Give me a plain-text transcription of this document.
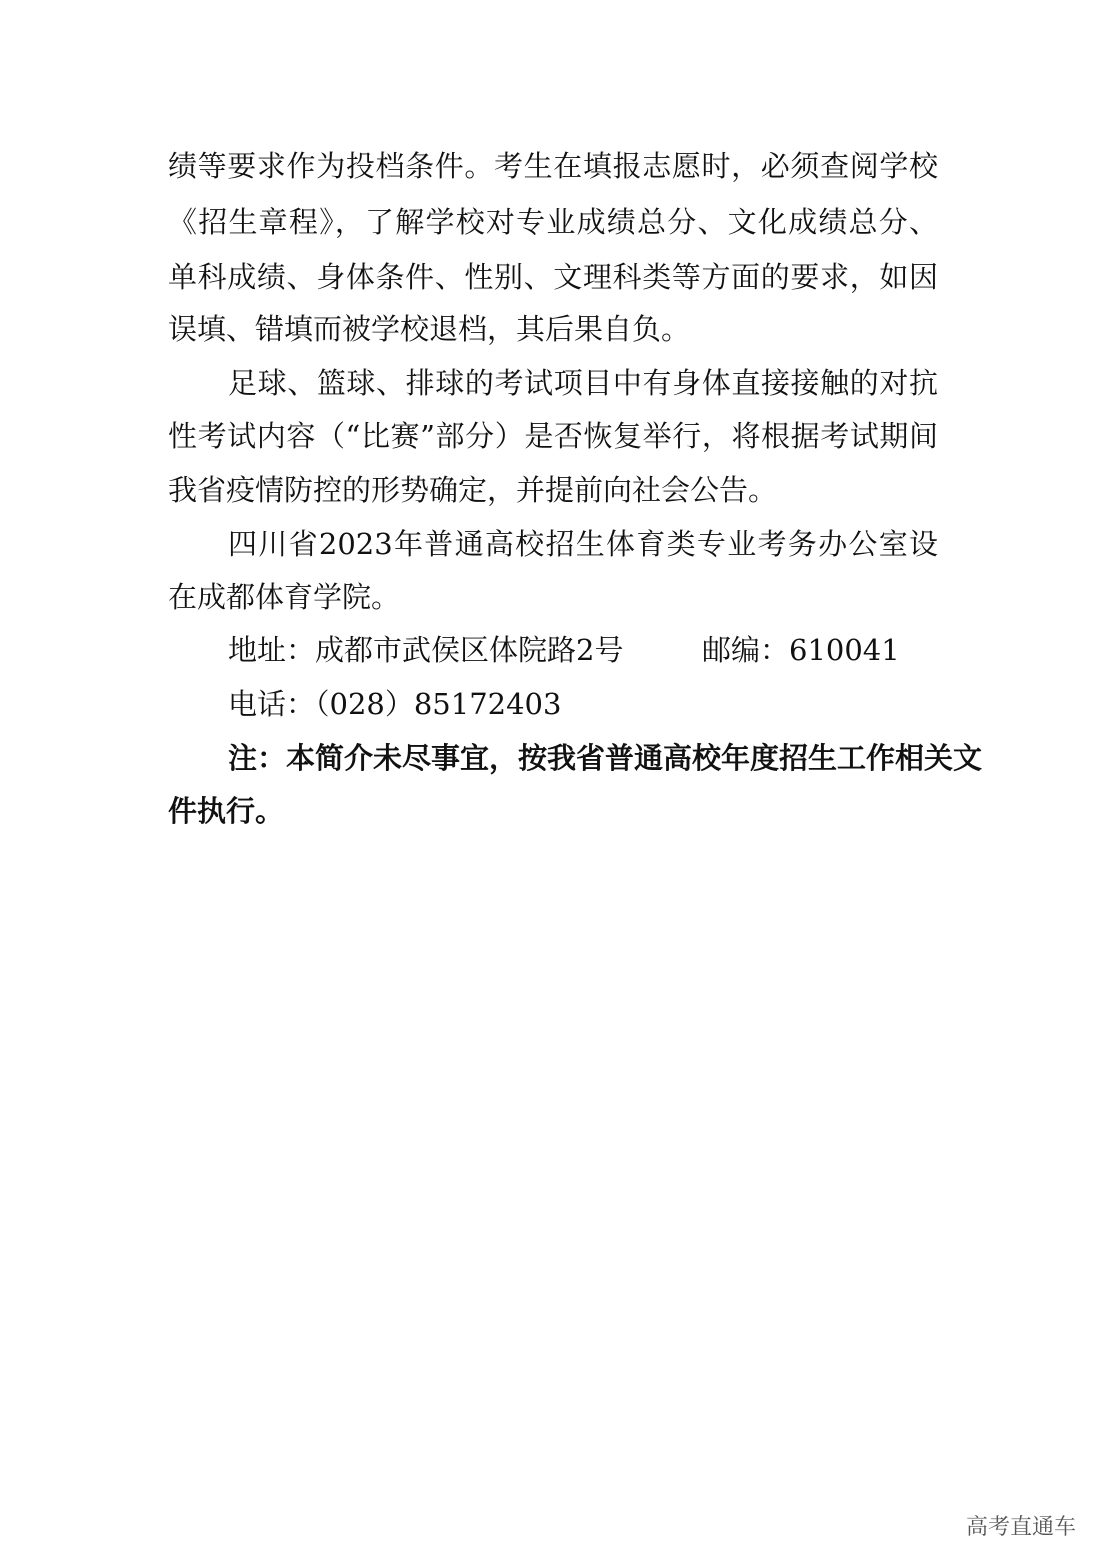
绩等要求作为投档条件。考生在填报志愿时，必须查阅学校
《招生章程》，了解学校对专业成绩总分、文化成绩总分、
单科成绩、身体条件、性别、文理科类等方面的要求，如因
误填、错填而被学校退档，其后果自负。
足球、篮球、排球的考试项目中有身体直接接触的对抗
性考试内容（“比赛”部分）是否恢复举行，将根据考试期间
我省疫情防控的形势确定，并提前向社会公告。
四川省2023年普通高校招生体育类专业考务办公室设
在成都体育学院。
地址：成都市武侯区体院路2号	邮编：610041
电话：（028）85172403
注：本简介未尽事宜，按我省普通高校年度招生工作相关文
件执行。
高考直通车
